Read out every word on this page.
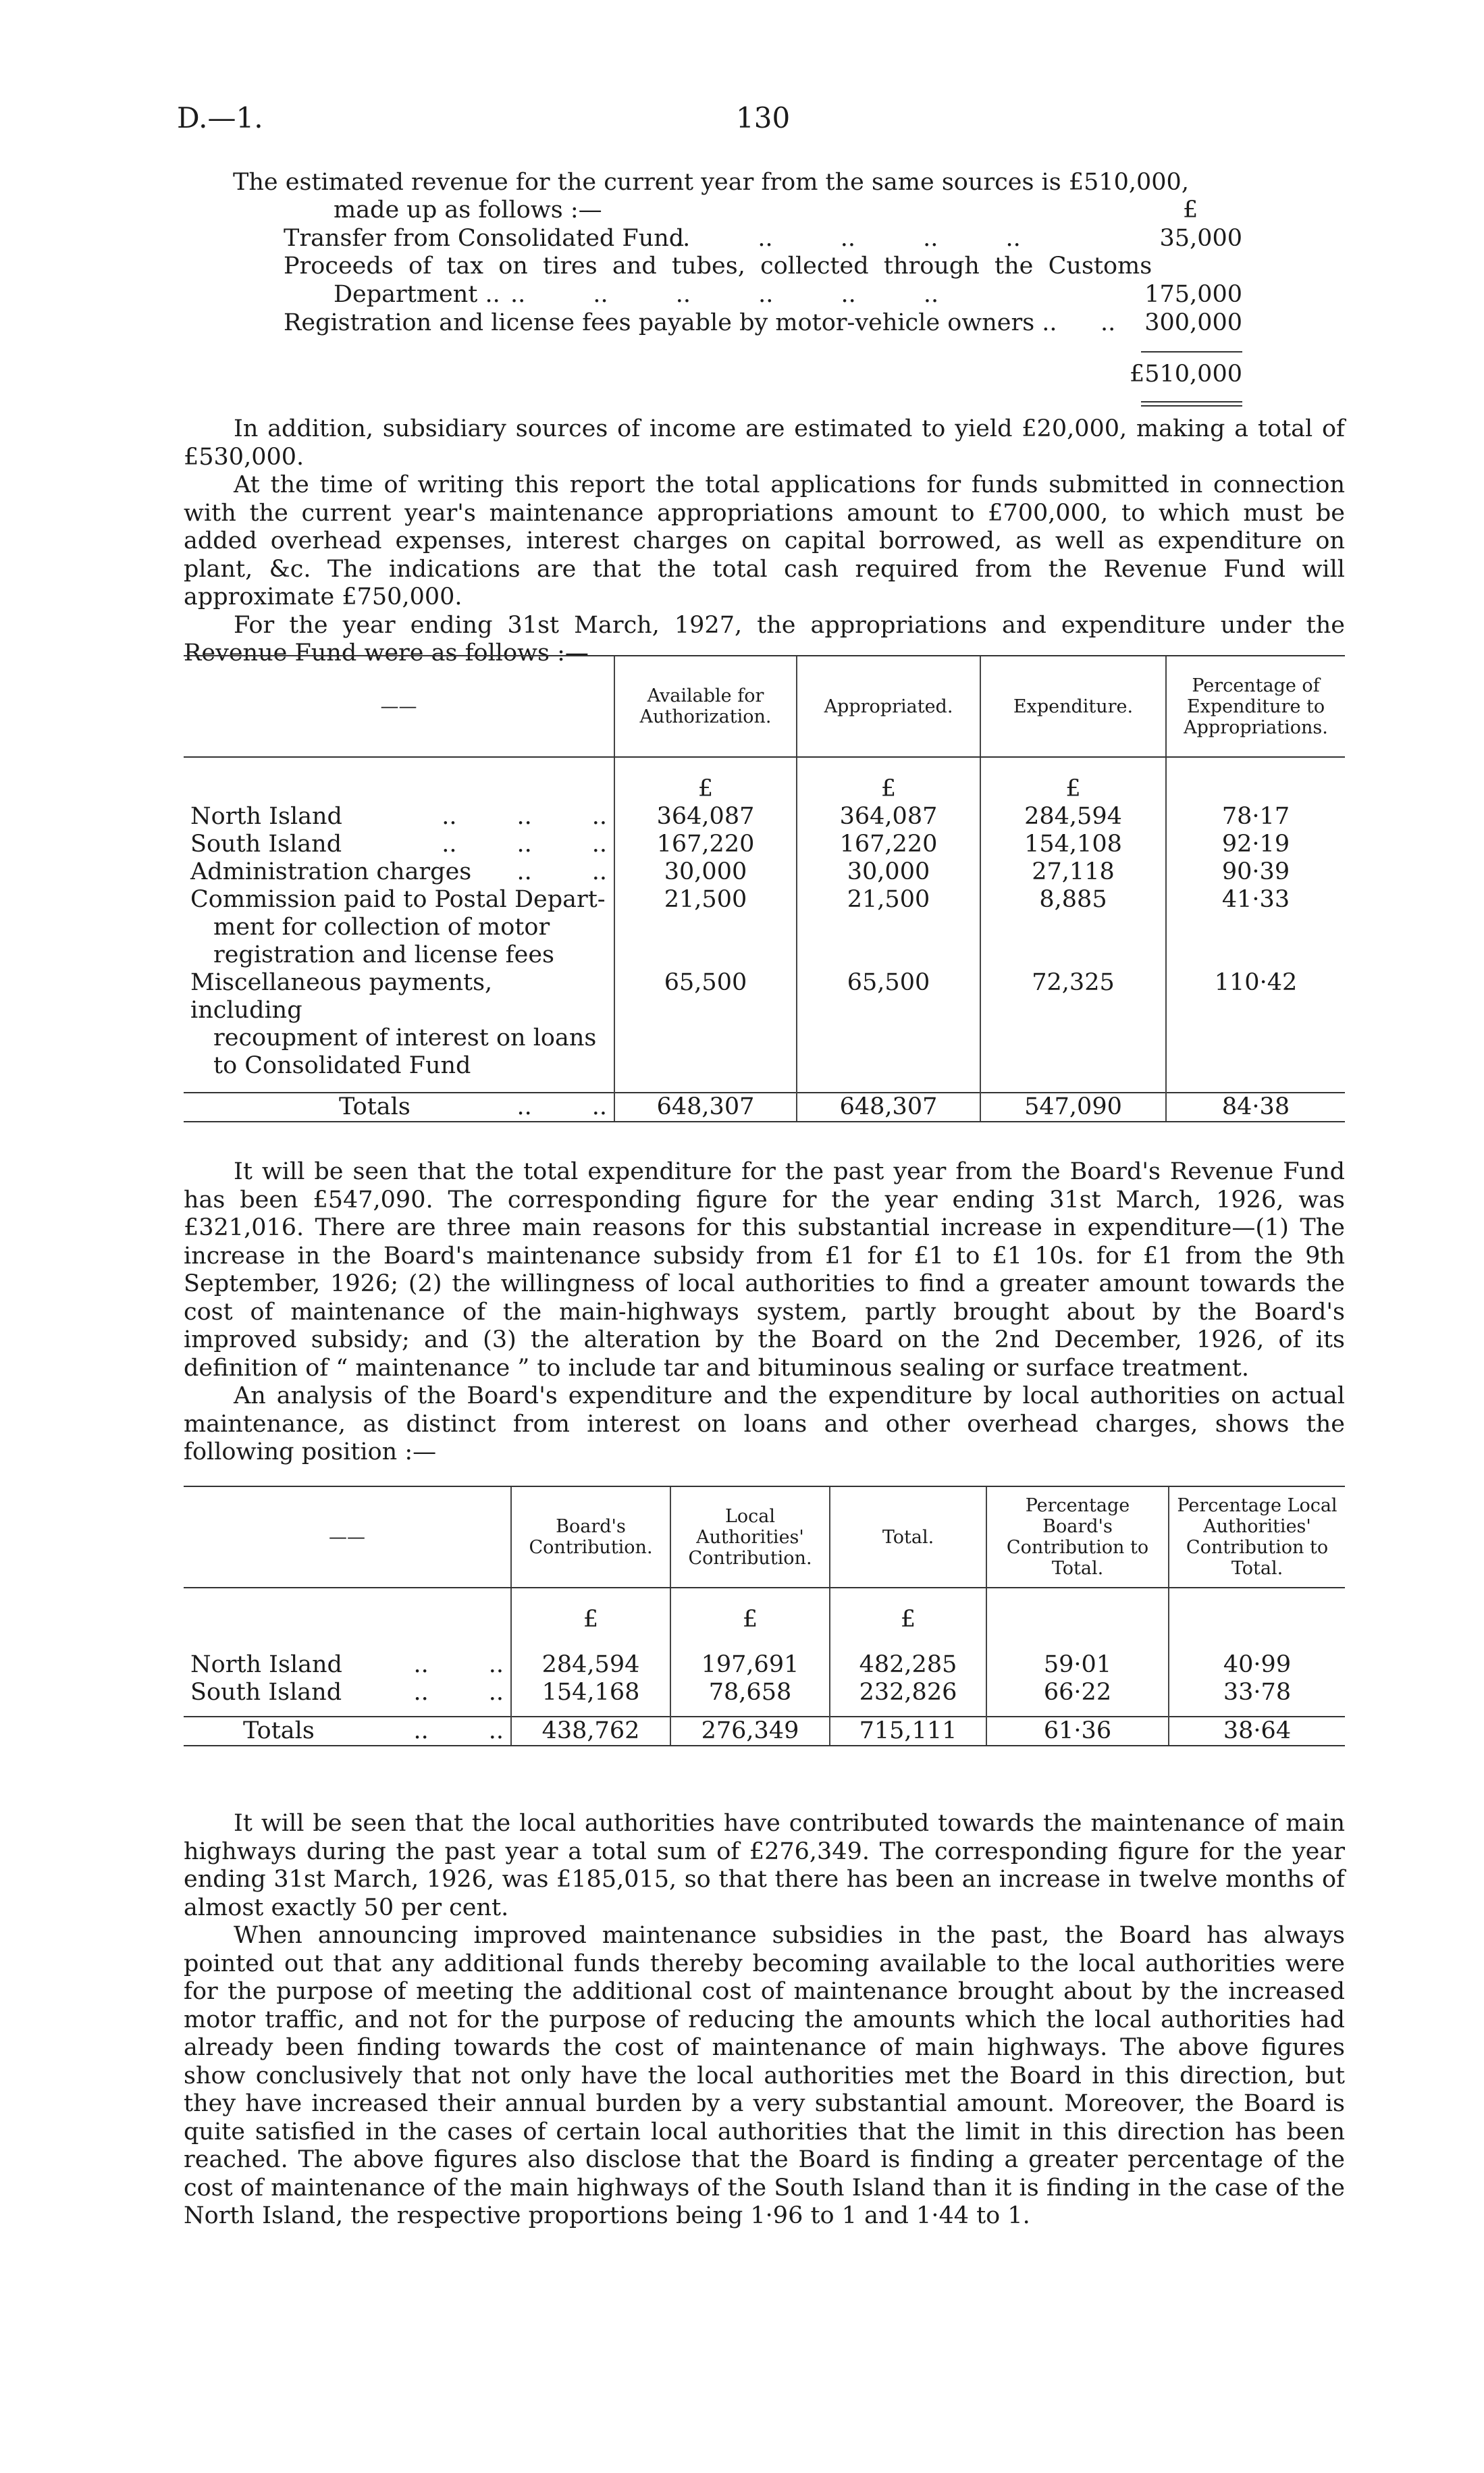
D.—1.	130
The estimated revenue for the current year from the same sources is £510,000,
made up as follows :—	£
Transfer from Consolidated Fund
..         ..         ..         ..         ..	35,000
Proceeds  of  tax  on  tires  and  tubes,  collected  through  the  Customs
Department .. ..         ..         ..         ..         ..         ..	175,000
Registration and license fees payable by motor-vehicle owners .. ..	300,000
£510,000

In addition, subsidiary sources of income are estimated to yield £20,000, making a total of £530,000.

At the time of writing this report the total applications for funds submitted in connection with the current year's maintenance appropriations amount to £700,000, to which must be added overhead expenses, interest charges on capital borrowed, as well as expenditure on plant, &c. The indications are that the total cash required from the Revenue Fund will approximate £750,000.

For the year ending 31st March, 1927, the appropriations and expenditure under the Revenue Fund were as follows :—

——	Available for Authorization.	Appropriated.	Expenditure.	Percentage of Expenditure to Appropriations.

	£	£	£	
North Island ..        ..        ..	364,087	364,087	284,594	78·17
South Island ..        ..        ..	167,220	167,220	154,108	92·19
Administration charges ..        ..	30,000	30,000	27,118	90·39
Commission paid to Postal Depart-
ment for collection of motor registration and license fees	21,500	21,500	8,885	41·33
Miscellaneous payments, including
recoupment of interest on loans to Consolidated Fund	65,500	65,500	72,325	110·42
Totals ..        ..	648,307	648,307	547,090	84·38

It will be seen that the total expenditure for the past year from the Board's Revenue Fund has been £547,090. The corresponding figure for the year ending 31st March, 1926, was £321,016. There are three main reasons for this substantial increase in expenditure—(1) The increase in the Board's maintenance subsidy from £1 for £1 to £1 10s. for £1 from the 9th September, 1926; (2) the willingness of local authorities to find a greater amount towards the cost of maintenance of the main-highways system, partly brought about by the Board's improved subsidy; and (3) the alteration by the Board on the 2nd December, 1926, of its definition of “ maintenance ” to include tar and bituminous sealing or surface treatment.

An analysis of the Board's expenditure and the expenditure by local authorities on actual maintenance, as distinct from interest on loans and other overhead charges, shows the following position :—

——	Board's Contribution.	Local Authorities' Contribution.	Total.	Percentage Board's Contribution to Total.	Percentage Local Authorities' Contribution to Total.

	£	£	£		

North Island ..        ..	284,594	197,691	482,285	59·01	40·99
South Island ..        ..	154,168	78,658	232,826	66·22	33·78
Totals ..        ..	438,762	276,349	715,111	61·36	38·64

It will be seen that the local authorities have contributed towards the maintenance of main highways during the past year a total sum of £276,349. The corresponding figure for the year ending 31st March, 1926, was £185,015, so that there has been an increase in twelve months of almost exactly 50 per cent.

When announcing improved maintenance subsidies in the past, the Board has always pointed out that any additional funds thereby becoming available to the local authorities were for the purpose of meeting the additional cost of maintenance brought about by the increased motor traffic, and not for the purpose of reducing the amounts which the local authorities had already been finding towards the cost of maintenance of main highways. The above figures show conclusively that not only have the local authorities met the Board in this direction, but they have increased their annual burden by a very substantial amount. Moreover, the Board is quite satisfied in the cases of certain local authorities that the limit in this direction has been reached. The above figures also disclose that the Board is finding a greater percentage of the cost of maintenance of the main highways of the South Island than it is finding in the case of the North Island, the respective proportions being 1·96 to 1 and 1·44 to 1.
